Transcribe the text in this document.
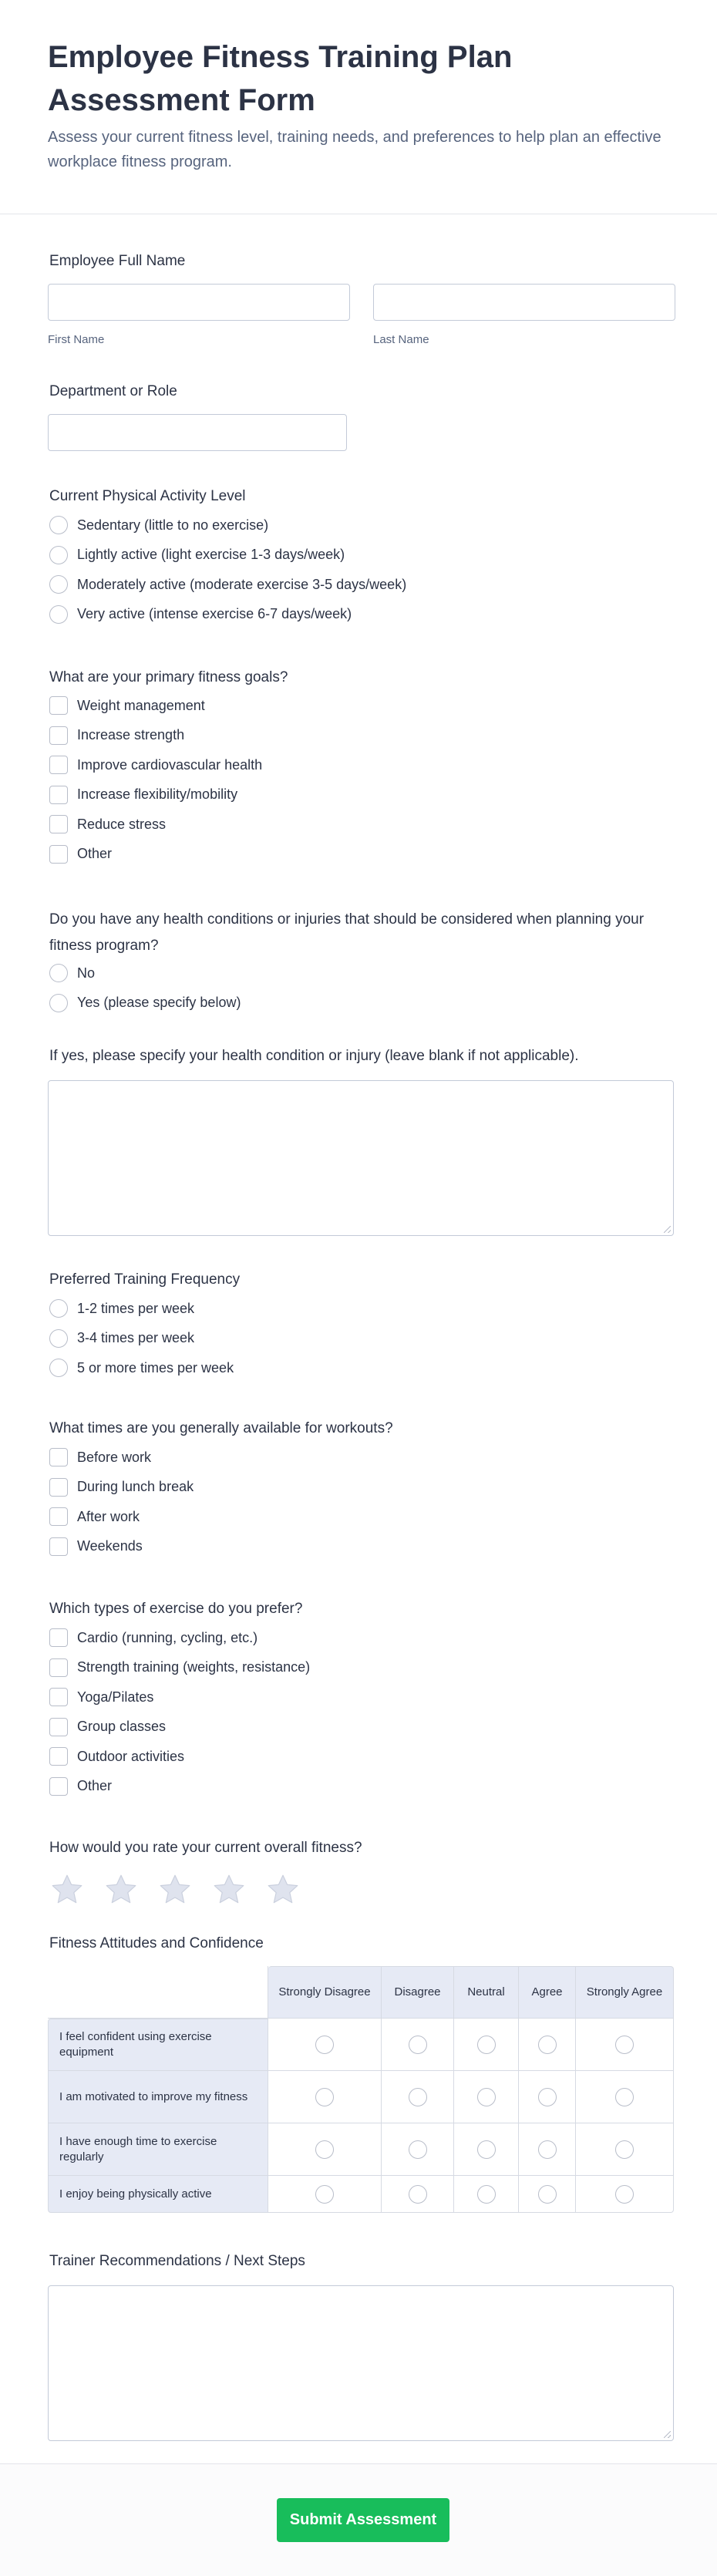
Employee Fitness Training Plan Assessment Form

Assess your current fitness level, training needs, and preferences to help plan an effective workplace fitness program.

Employee Full Name
First Name	Last Name
Department or Role
Current Physical Activity Level
Sedentary (little to no exercise)
Lightly active (light exercise 1-3 days/week)
Moderately active (moderate exercise 3-5 days/week)
Very active (intense exercise 6-7 days/week)
What are your primary fitness goals?
Weight management
Increase strength
Improve cardiovascular health
Increase flexibility/mobility
Reduce stress
Other
Do you have any health conditions or injuries that should be considered when planning your fitness program?
No
Yes (please specify below)
If yes, please specify your health condition or injury (leave blank if not applicable).
Preferred Training Frequency
1-2 times per week
3-4 times per week
5 or more times per week
What times are you generally available for workouts?
Before work
During lunch break
After work
Weekends
Which types of exercise do you prefer?
Cardio (running, cycling, etc.)
Strength training (weights, resistance)
Yoga/Pilates
Group classes
Outdoor activities
Other
How would you rate your current overall fitness?
Fitness Attitudes and Confidence
	Strongly Disagree	Disagree	Neutral	Agree	Strongly Agree
I feel confident using exercise equipment					
I am motivated to improve my fitness					
I have enough time to exercise regularly					
I enjoy being physically active					
Trainer Recommendations / Next Steps
Submit Assessment
